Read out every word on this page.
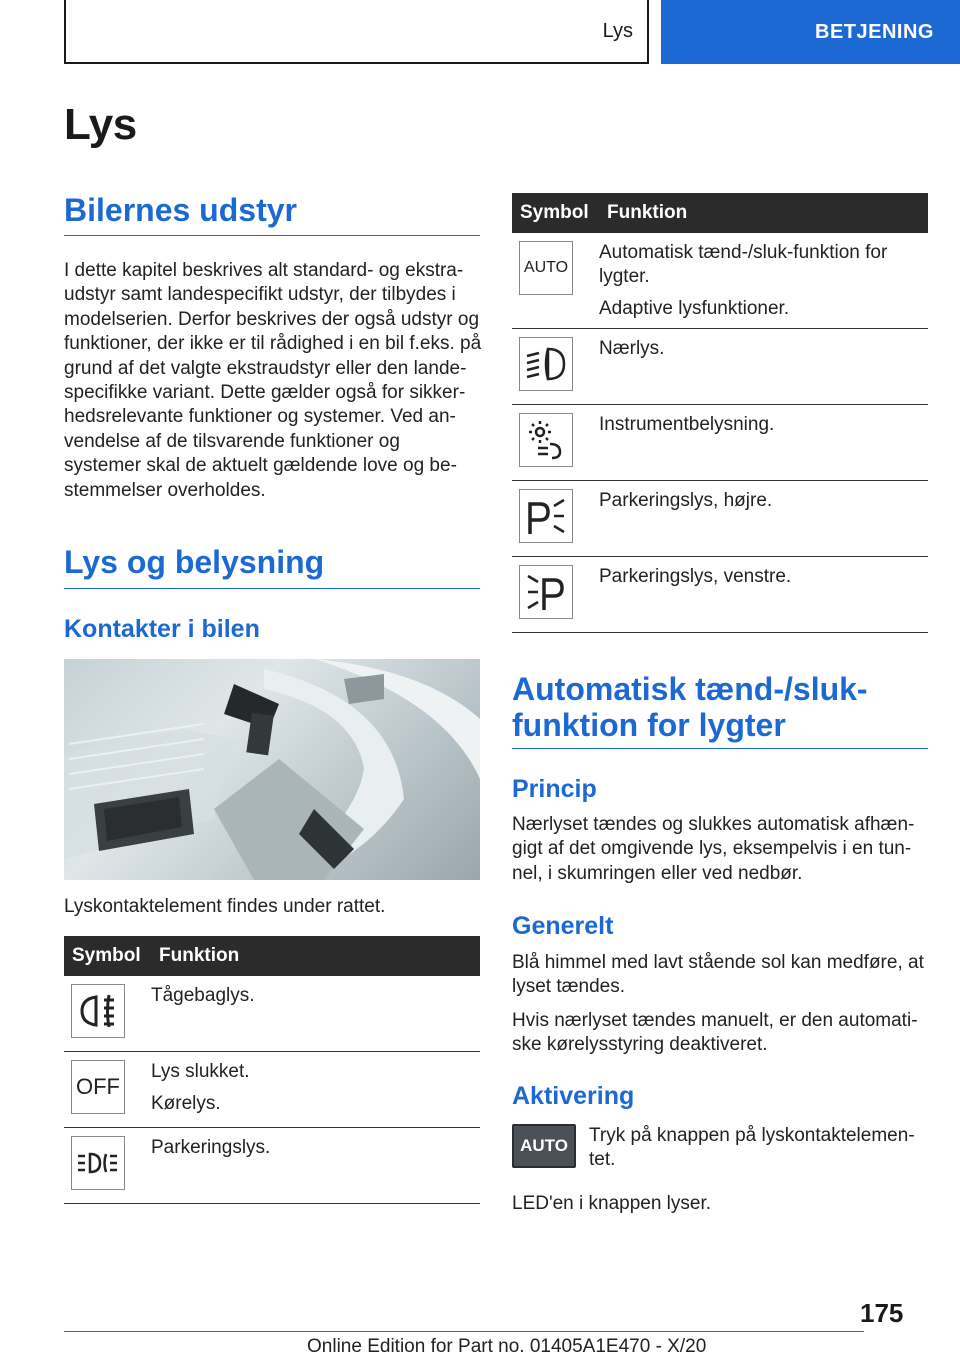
Lys	BETJENING
Lys
Bilernes udstyr

I dette kapitel beskrives alt standard- og ekstraudstyr samt landespecifikt udstyr, der tilbydes i modelserien. Derfor beskrives der også udstyr og funktioner, der ikke er til rådighed i en bil f.eks. på grund af det valgte ekstraudstyr eller den landespecifikke variant. Dette gælder også for sikkerhedsrelevante funktioner og systemer. Ved anvendelse af de tilsvarende funktioner og systemer skal de aktuelt gældende love og bestemmelser overholdes.

Lys og belysning
Kontakter i bilen

Lyskontaktelement findes under rattet.

Symbol	Funktion

Tågebaglys.

OFF	Lys slukket.
Kørelys.

Parkeringslys.
Symbol	Funktion

AUTO	Automatisk tænd-/sluk-funktion for lygter.
Adaptive lysfunktioner.

Nærlys.

Instrumentbelysning.

Parkeringslys, højre.

Parkeringslys, venstre.
Automatisk tænd-/sluk-funktion for lygter
Princip

Nærlyset tændes og slukkes automatisk afhængigt af det omgivende lys, eksempelvis i en tunnel, i skumringen eller ved nedbør.

Generelt

Blå himmel med lavt stående sol kan medføre, at lyset tændes.

Hvis nærlyset tændes manuelt, er den automatiske kørelysstyring deaktiveret.

Aktivering
AUTO Tryk på knappen på lyskontaktelementet.

LED'en i knappen lyser.

175
Online Edition for Part no. 01405A1E470 - X/20
